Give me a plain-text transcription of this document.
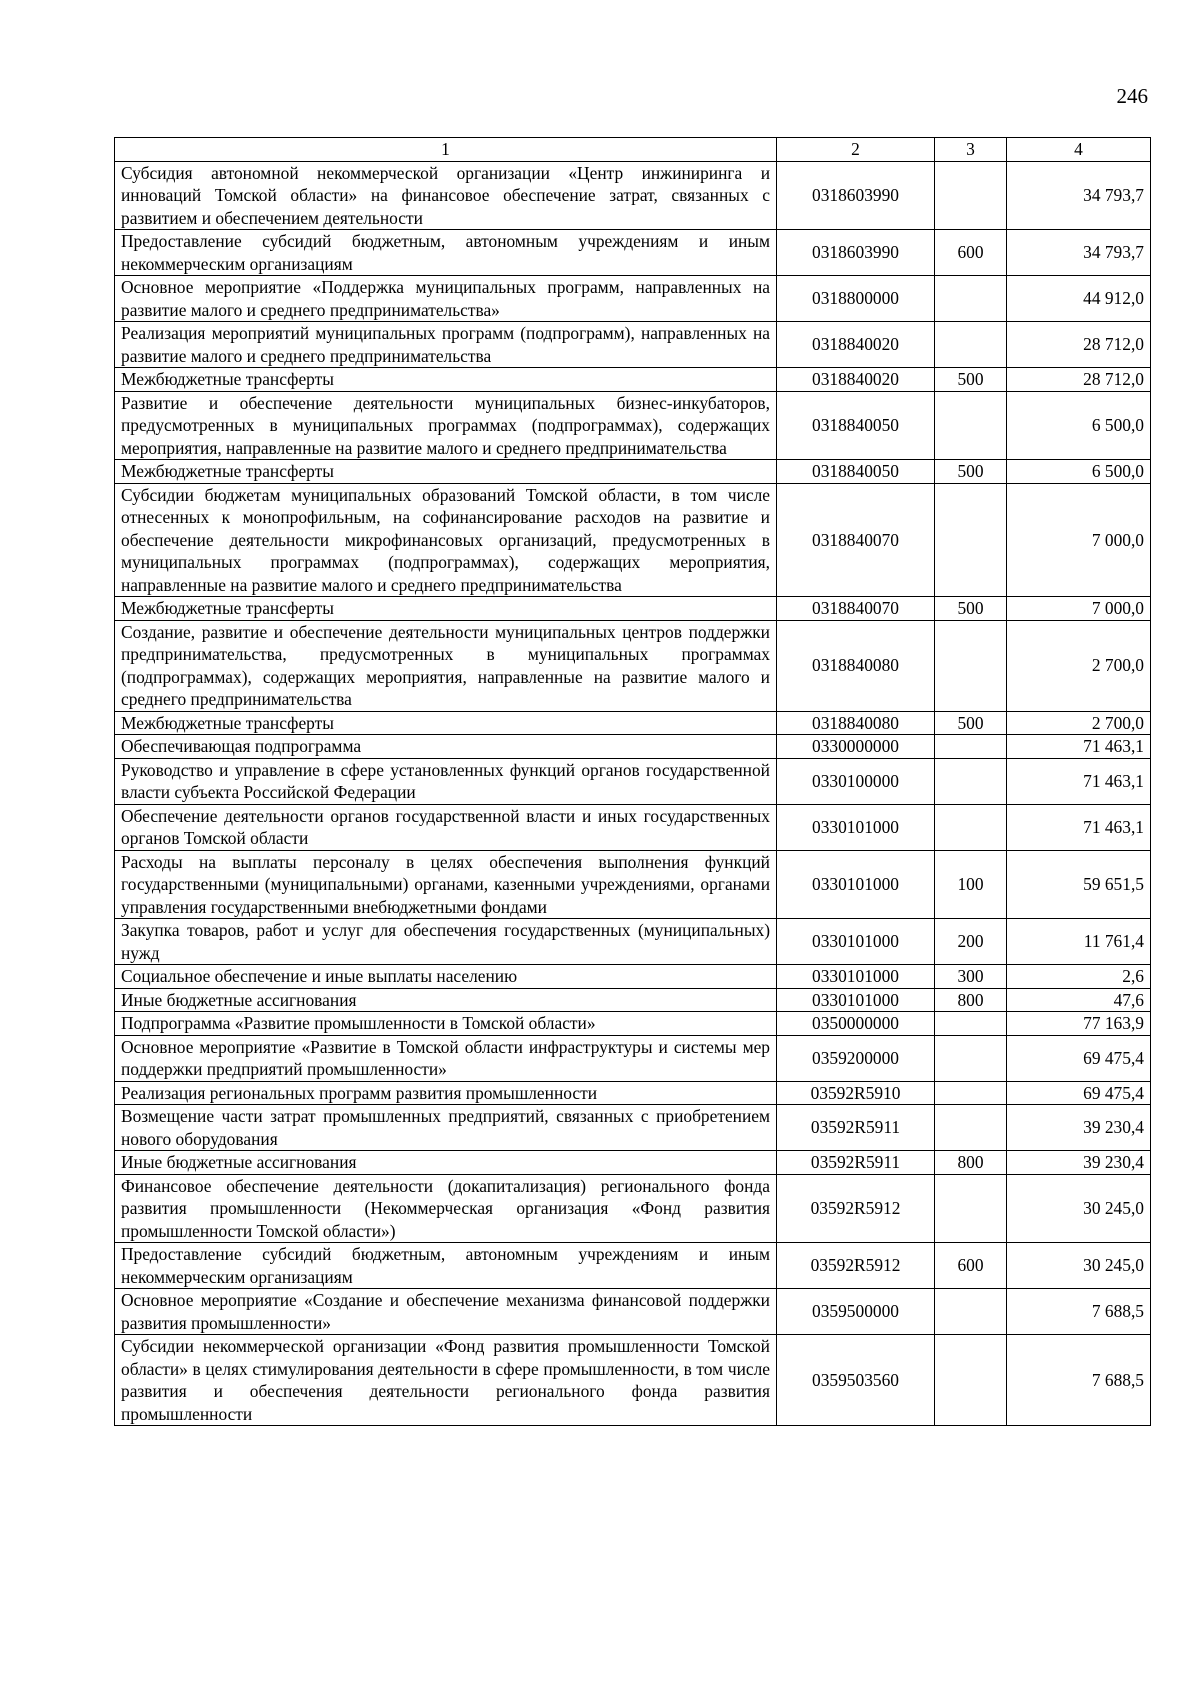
246
1	2	3	4
Субсидия автономной некоммерческой организации «Центр инжиниринга и инноваций Томской области» на финансовое обеспечение затрат, связанных с развитием и обеспечением деятельности	0318603990		34 793,7
Предоставление субсидий бюджетным, автономным учреждениям и иным некоммерческим организациям	0318603990	600	34 793,7
Основное мероприятие «Поддержка муниципальных программ, направленных на развитие малого и среднего предпринимательства»	0318800000		44 912,0
Реализация мероприятий муниципальных программ (подпрограмм), направленных на развитие малого и среднего предпринимательства	0318840020		28 712,0
Межбюджетные трансферты	0318840020	500	28 712,0
Развитие и обеспечение деятельности муниципальных бизнес-инкубаторов, предусмотренных в муниципальных программах (подпрограммах), содержащих мероприятия, направленные на развитие малого и среднего предпринимательства	0318840050		6 500,0
Межбюджетные трансферты	0318840050	500	6 500,0
Субсидии бюджетам муниципальных образований Томской области, в том числе отнесенных к монопрофильным, на софинансирование расходов на развитие и обеспечение деятельности микрофинансовых организаций, предусмотренных в муниципальных программах (подпрограммах), содержащих мероприятия, направленные на развитие малого и среднего предпринимательства	0318840070		7 000,0
Межбюджетные трансферты	0318840070	500	7 000,0
Создание, развитие и обеспечение деятельности муниципальных центров поддержки предпринимательства, предусмотренных в муниципальных программах (подпрограммах), содержащих мероприятия, направленные на развитие малого и среднего предпринимательства	0318840080		2 700,0
Межбюджетные трансферты	0318840080	500	2 700,0
Обеспечивающая подпрограмма	0330000000		71 463,1
Руководство и управление в сфере установленных функций органов государственной власти субъекта Российской Федерации	0330100000		71 463,1
Обеспечение деятельности органов государственной власти и иных государственных органов Томской области	0330101000		71 463,1
Расходы на выплаты персоналу в целях обеспечения выполнения функций государственными (муниципальными) органами, казенными учреждениями, органами управления государственными внебюджетными фондами	0330101000	100	59 651,5
Закупка товаров, работ и услуг для обеспечения государственных (муниципальных) нужд	0330101000	200	11 761,4
Социальное обеспечение и иные выплаты населению	0330101000	300	2,6
Иные бюджетные ассигнования	0330101000	800	47,6
Подпрограмма «Развитие промышленности в Томской области»	0350000000		77 163,9
Основное мероприятие «Развитие в Томской области инфраструктуры и системы мер поддержки предприятий промышленности»	0359200000		69 475,4
Реализация региональных программ развития промышленности	03592R5910		69 475,4
Возмещение части затрат промышленных предприятий, связанных с приобретением нового оборудования	03592R5911		39 230,4
Иные бюджетные ассигнования	03592R5911	800	39 230,4
Финансовое обеспечение деятельности (докапитализация) регионального фонда развития промышленности (Некоммерческая организация «Фонд развития промышленности Томской области»)	03592R5912		30 245,0
Предоставление субсидий бюджетным, автономным учреждениям и иным некоммерческим организациям	03592R5912	600	30 245,0
Основное мероприятие «Создание и обеспечение механизма финансовой поддержки развития промышленности»	0359500000		7 688,5
Субсидии некоммерческой организации «Фонд развития промышленности Томской области» в целях стимулирования деятельности в сфере промышленности, в том числе развития и обеспечения деятельности регионального фонда развития промышленности	0359503560		7 688,5
